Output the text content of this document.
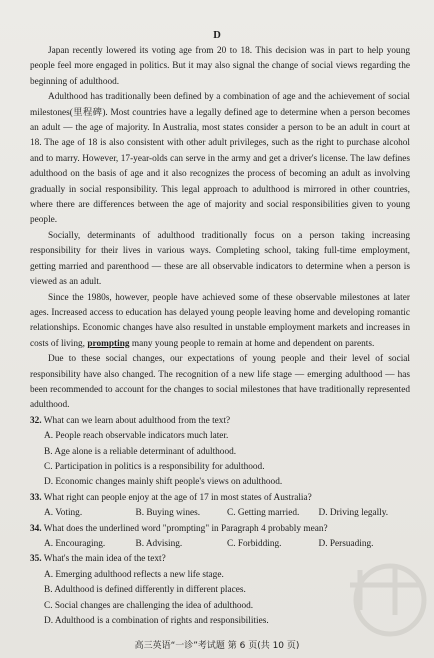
D

Japan recently lowered its voting age from 20 to 18. This decision was in part to help young people feel more engaged in politics. But it may also signal the change of social views regarding the beginning of adulthood.

Adulthood has traditionally been defined by a combination of age and the achievement of social milestones(里程碑). Most countries have a legally defined age to determine when a person becomes an adult — the age of majority. In Australia, most states consider a person to be an adult in court at 18. The age of 18 is also consistent with other adult privileges, such as the right to purchase alcohol and to marry. However, 17-year-olds can serve in the army and get a driver's license. The law defines adulthood on the basis of age and it also recognizes the process of becoming an adult as involving gradually in social responsibility. This legal approach to adulthood is mirrored in other countries, where there are differences between the age of majority and social responsibilities given to young people.

Socially, determinants of adulthood traditionally focus on a person taking increasing responsibility for their lives in various ways. Completing school, taking full-time employment, getting married and parenthood — these are all observable indicators to determine when a person is viewed as an adult.

Since the 1980s, however, people have achieved some of these observable milestones at later ages. Increased access to education has delayed young people leaving home and developing romantic relationships. Economic changes have also resulted in unstable employment markets and increases in costs of living, prompting many young people to remain at home and dependent on parents.

Due to these social changes, our expectations of young people and their level of social responsibility have also changed. The recognition of a new life stage — emerging adulthood — has been recommended to account for the changes to social milestones that have traditionally represented adulthood.

32. What can we learn about adulthood from the text?

A. People reach observable indicators much later.

B. Age alone is a reliable determinant of adulthood.

C. Participation in politics is a responsibility for adulthood.

D. Economic changes mainly shift people's views on adulthood.

33. What right can people enjoy at the age of 17 in most states of Australia?

A. Voting.	B. Buying wines.	C. Getting married.	D. Driving legally.

34. What does the underlined word "prompting" in Paragraph 4 probably mean?

A. Encouraging.	B. Advising.	C. Forbidding.	D. Persuading.

35. What's the main idea of the text?

A. Emerging adulthood reflects a new life stage.

B. Adulthood is defined differently in different places.

C. Social changes are challenging the idea of adulthood.

D. Adulthood is a combination of rights and responsibilities.

高三英语“一诊”考试题 第 6 页(共 10 页)
